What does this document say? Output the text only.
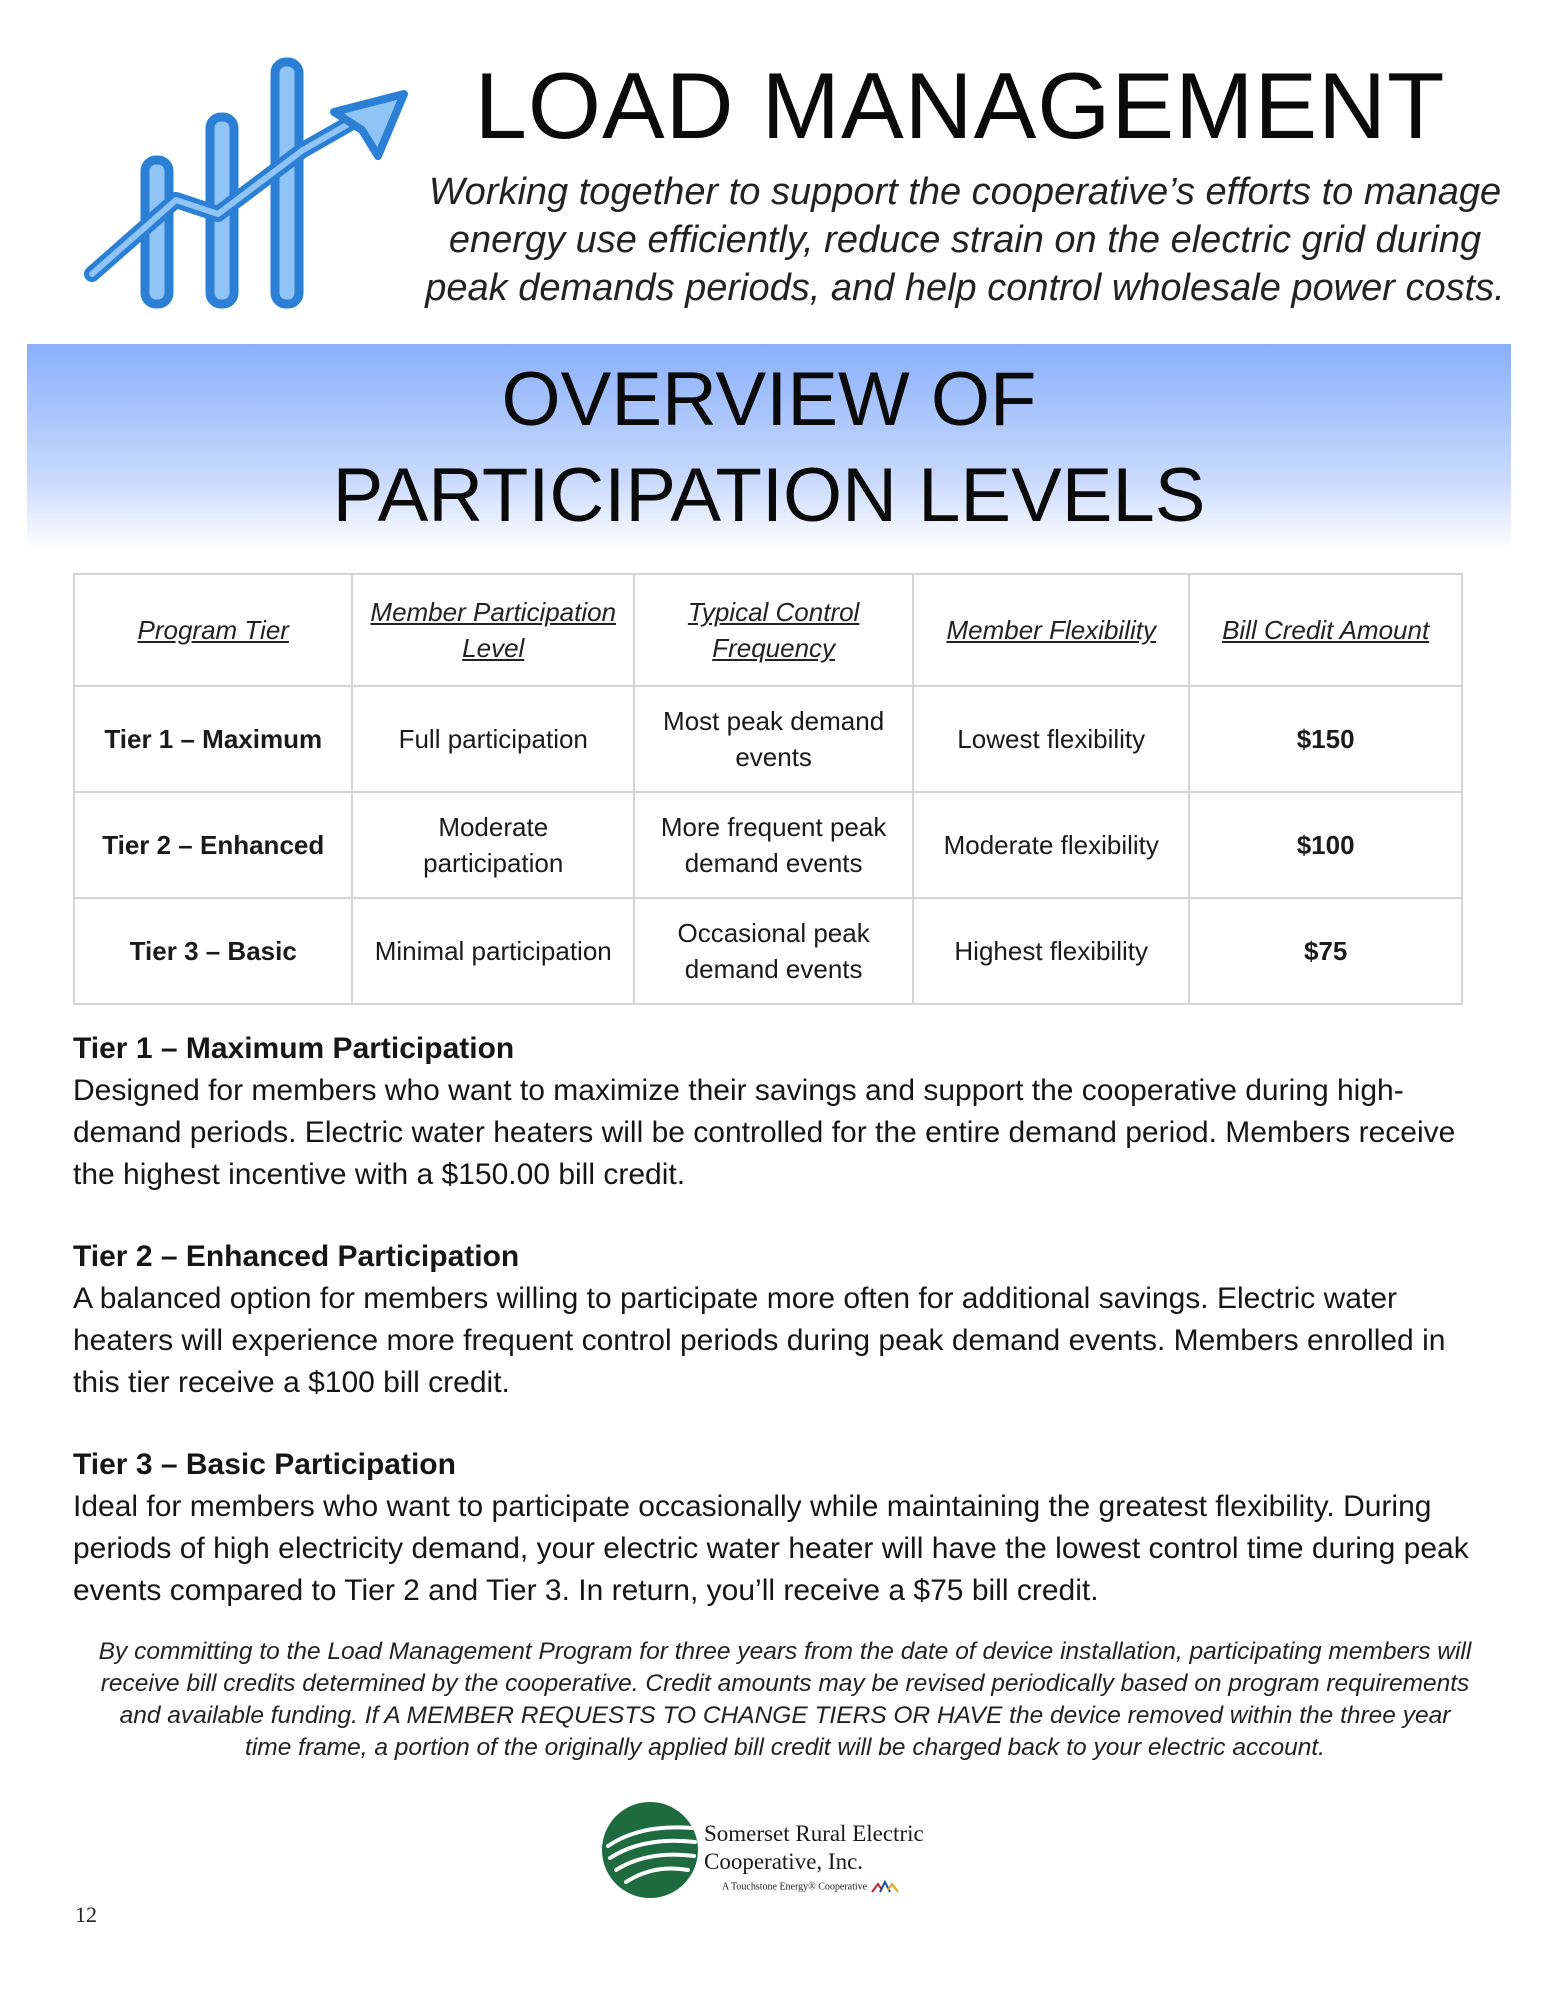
LOAD MANAGEMENT
Working together to support the cooperative’s efforts to manage energy use efficiently, reduce strain on the electric grid during peak demands periods, and help control wholesale power costs.
OVERVIEW OF
PARTICIPATION LEVELS
Program Tier	Member Participation Level	Typical Control Frequency	Member Flexibility	Bill Credit Amount
Tier 1 – Maximum	Full participation	Most peak demand events	Lowest flexibility	$150
Tier 2 – Enhanced	Moderate participation	More frequent peak demand events	Moderate flexibility	$100
Tier 3 – Basic	Minimal participation	Occasional peak demand events	Highest flexibility	$75
Tier 1 – Maximum Participation
Designed for members who want to maximize their savings and support the cooperative during high-demand periods. Electric water heaters will be controlled for the entire demand period. Members receive the highest incentive with a $150.00 bill credit.
Tier 2 – Enhanced Participation
A balanced option for members willing to participate more often for additional savings. Electric water heaters will experience more frequent control periods during peak demand events. Members enrolled in this tier receive a $100 bill credit.
Tier 3 – Basic Participation
Ideal for members who want to participate occasionally while maintaining the greatest flexibility. During periods of high electricity demand, your electric water heater will have the lowest control time during peak events compared to Tier 2 and Tier 3. In return, you’ll receive a $75 bill credit.
By committing to the Load Management Program for three years from the date of device installation, participating members will receive bill credits determined by the cooperative. Credit amounts may be revised periodically based on program requirements and available funding. If A MEMBER REQUESTS TO CHANGE TIERS OR HAVE the device removed within the three year time frame, a portion of the originally applied bill credit will be charged back to your electric account.
Somerset Rural Electric
Cooperative, Inc.
A Touchstone Energy® Cooperative
12
